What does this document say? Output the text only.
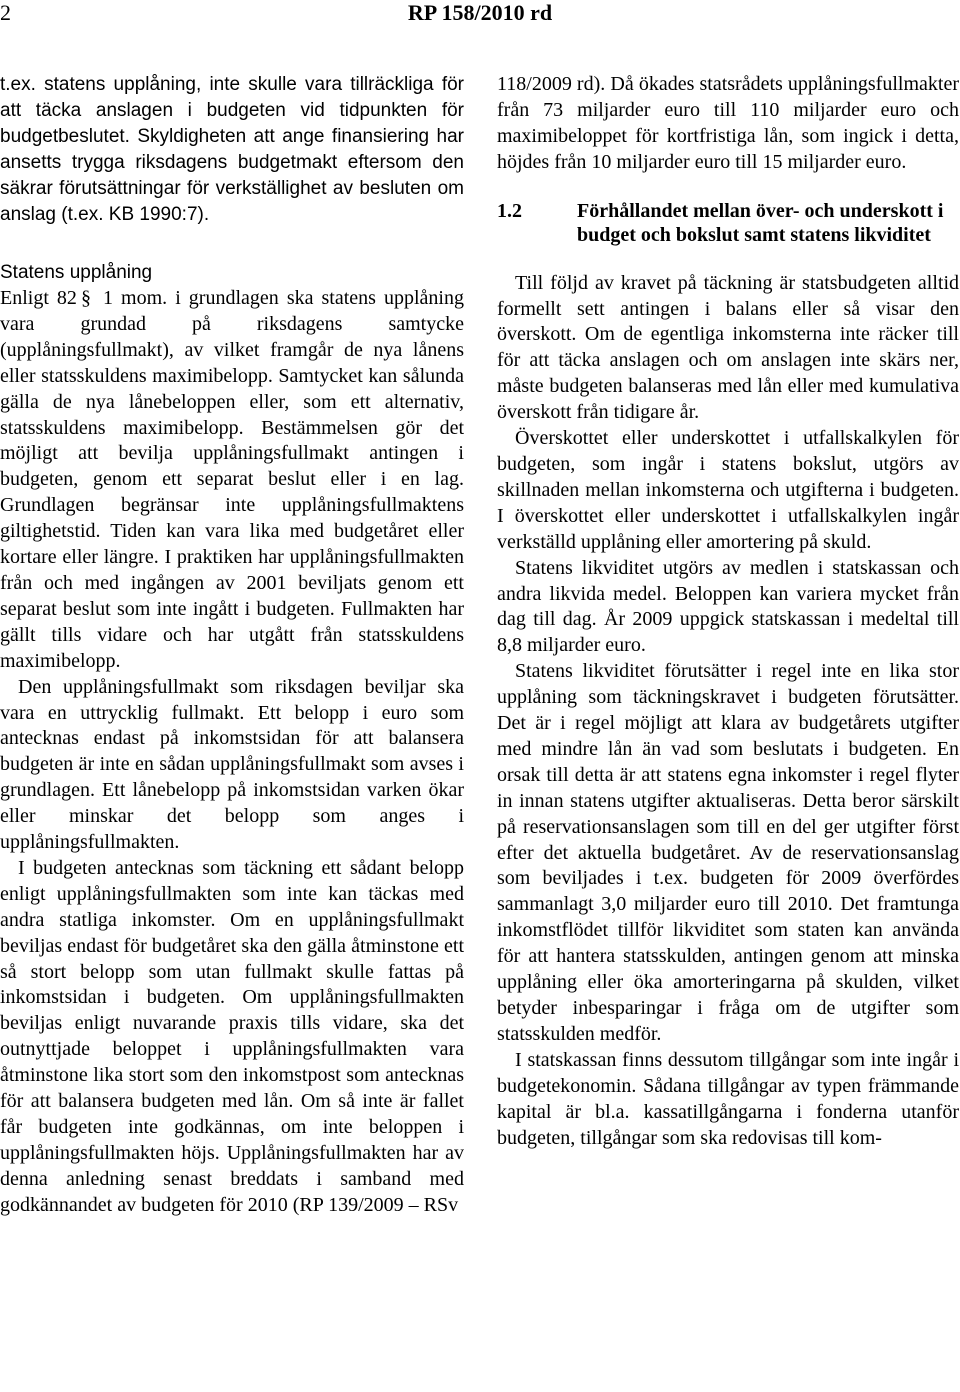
2	RP 158/2010 rd

t.ex. statens upplåning, inte skulle vara tillräckliga för att täcka anslagen i budgeten vid tidpunkten för budgetbeslutet. Skyldigheten att ange finansiering har ansetts trygga riksdagens budgetmakt eftersom den säkrar förutsättningar för verkställighet av besluten om anslag (t.ex. KB 1990:7).

Statens upplåning

Enligt 82 § 1 mom. i grundlagen ska statens upplåning vara grundad på riksdagens samtycke (upplåningsfullmakt), av vilket framgår de nya lånens eller statsskuldens maximibelopp. Samtycket kan sålunda gälla de nya lånebeloppen eller, som ett alternativ, statsskuldens maximibelopp. Bestämmelsen gör det möjligt att bevilja upplåningsfullmakt antingen i budgeten, genom ett separat beslut eller i en lag. Grundlagen begränsar inte upplåningsfullmaktens giltighetstid. Tiden kan vara lika med budgetåret eller kortare eller längre. I praktiken har upplåningsfullmakten från och med ingången av 2001 beviljats genom ett separat beslut som inte ingått i budgeten. Fullmakten har gällt tills vidare och har utgått från statsskuldens maximibelopp.

Den upplåningsfullmakt som riksdagen beviljar ska vara en uttrycklig fullmakt. Ett belopp i euro som antecknas endast på inkomstsidan för att balansera budgeten är inte en sådan upplåningsfullmakt som avses i grundlagen. Ett lånebelopp på inkomstsidan varken ökar eller minskar det belopp som anges i upplåningsfullmakten.

I budgeten antecknas som täckning ett sådant belopp enligt upplåningsfullmakten som inte kan täckas med andra statliga inkomster. Om en upplåningsfullmakt beviljas endast för budgetåret ska den gälla åtminstone ett så stort belopp som utan fullmakt skulle fattas på inkomstsidan i budgeten. Om upplåningsfullmakten beviljas enligt nuvarande praxis tills vidare, ska det outnyttjade beloppet i upplåningsfullmakten vara åtminstone lika stort som den inkomstpost som antecknas för att balansera budgeten med lån. Om så inte är fallet får budgeten inte godkännas, om inte beloppen i upplåningsfullmakten höjs. Upplåningsfullmakten har av denna anledning senast breddats i samband med godkännandet av budgeten för 2010 (RP 139/2009 – RSv

118/2009 rd). Då ökades statsrådets upplåningsfullmakter från 73 miljarder euro till 110 miljarder euro och maximibeloppet för kortfristiga lån, som ingick i detta, höjdes från 10 miljarder euro till 15 miljarder euro.

1.2	Förhållandet mellan över- och underskott i budget och bokslut samt statens likviditet

Till följd av kravet på täckning är statsbudgeten alltid formellt sett antingen i balans eller så visar den överskott. Om de egentliga inkomsterna inte räcker till för att täcka anslagen och om anslagen inte skärs ner, måste budgeten balanseras med lån eller med kumulativa överskott från tidigare år.

Överskottet eller underskottet i utfallskalkylen för budgeten, som ingår i statens bokslut, utgörs av skillnaden mellan inkomsterna och utgifterna i budgeten. I överskottet eller underskottet i utfallskalkylen ingår verkställd upplåning eller amortering på skuld.

Statens likviditet utgörs av medlen i statskassan och andra likvida medel. Beloppen kan variera mycket från dag till dag. År 2009 uppgick statskassan i medeltal till 8,8 miljarder euro.

Statens likviditet förutsätter i regel inte en lika stor upplåning som täckningskravet i budgeten förutsätter. Det är i regel möjligt att klara av budgetårets utgifter med mindre lån än vad som beslutats i budgeten. En orsak till detta är att statens egna inkomster i regel flyter in innan statens utgifter aktualiseras. Detta beror särskilt på reservationsanslagen som till en del ger utgifter först efter det aktuella budgetåret. Av de reservationsanslag som beviljades i t.ex. budgeten för 2009 överfördes sammanlagt 3,0 miljarder euro till 2010. Det framtunga inkomstflödet tillför likviditet som staten kan använda för att hantera statsskulden, antingen genom att minska upplåning eller öka amorteringarna på skulden, vilket betyder inbesparingar i fråga om de utgifter som statsskulden medför.

I statskassan finns dessutom tillgångar som inte ingår i budgetekonomin. Sådana tillgångar av typen främmande kapital är bl.a. kassatillgångarna i fonderna utanför budgeten, tillgångar som ska redovisas till kom-
